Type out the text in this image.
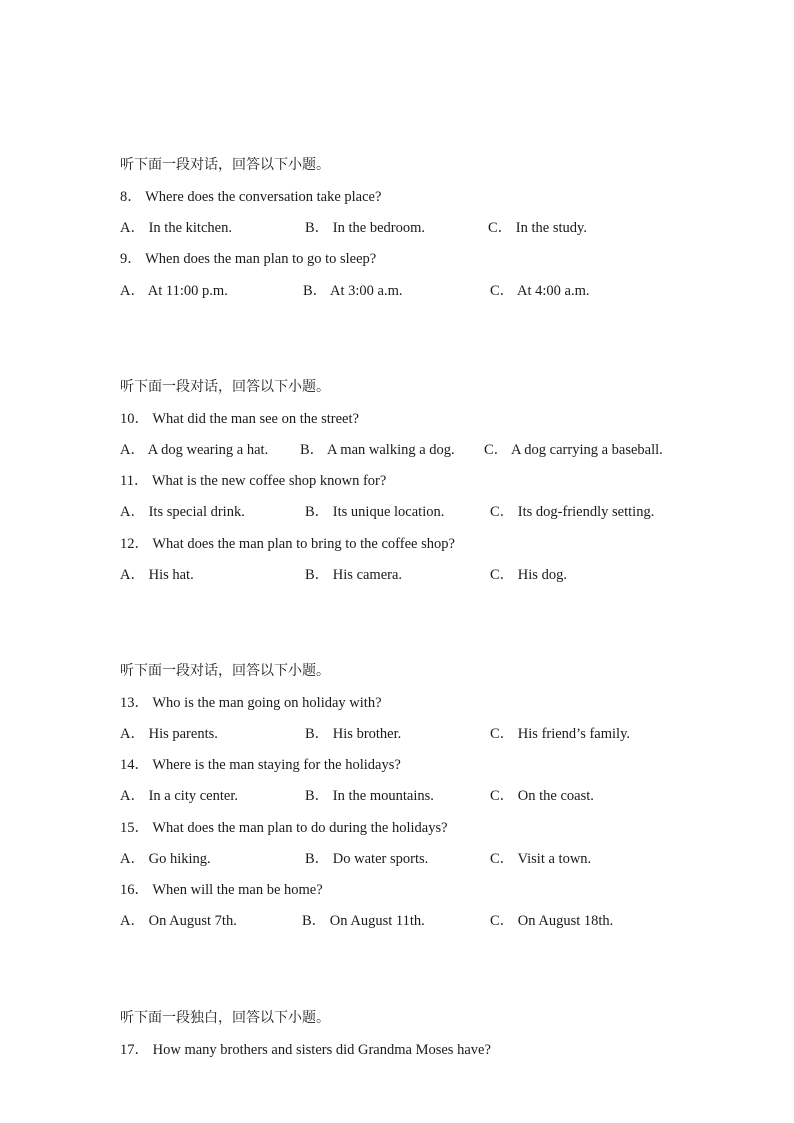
听下面一段对话，回答以下小题。
8． Where does the conversation take place?
A． In the kitchen.	B． In the bedroom.	C． In the study.
9． When does the man plan to go to sleep?
A． At 11:00 p.m.	B． At 3:00 a.m.	C． At 4:00 a.m.
听下面一段对话，回答以下小题。
10． What did the man see on the street?
A． A dog wearing a hat. B． A man walking a dog. C． A dog carrying a baseball.
11． What is the new coffee shop known for?
A． Its special drink.	B． Its unique location.	C． Its dog-friendly setting.
12． What does the man plan to bring to the coffee shop?
A． His hat.	B． His camera.	C． His dog.
听下面一段对话，回答以下小题。
13． Who is the man going on holiday with?
A． His parents.	B． His brother.	C． His friend’s family.
14． Where is the man staying for the holidays?
A． In a city center.	B． In the mountains.	C． On the coast.
15． What does the man plan to do during the holidays?
A． Go hiking.	B． Do water sports.	C． Visit a town.
16． When will the man be home?
A． On August 7th.	B． On August 11th.	C． On August 18th.
听下面一段独白，回答以下小题。
17． How many brothers and sisters did Grandma Moses have?
